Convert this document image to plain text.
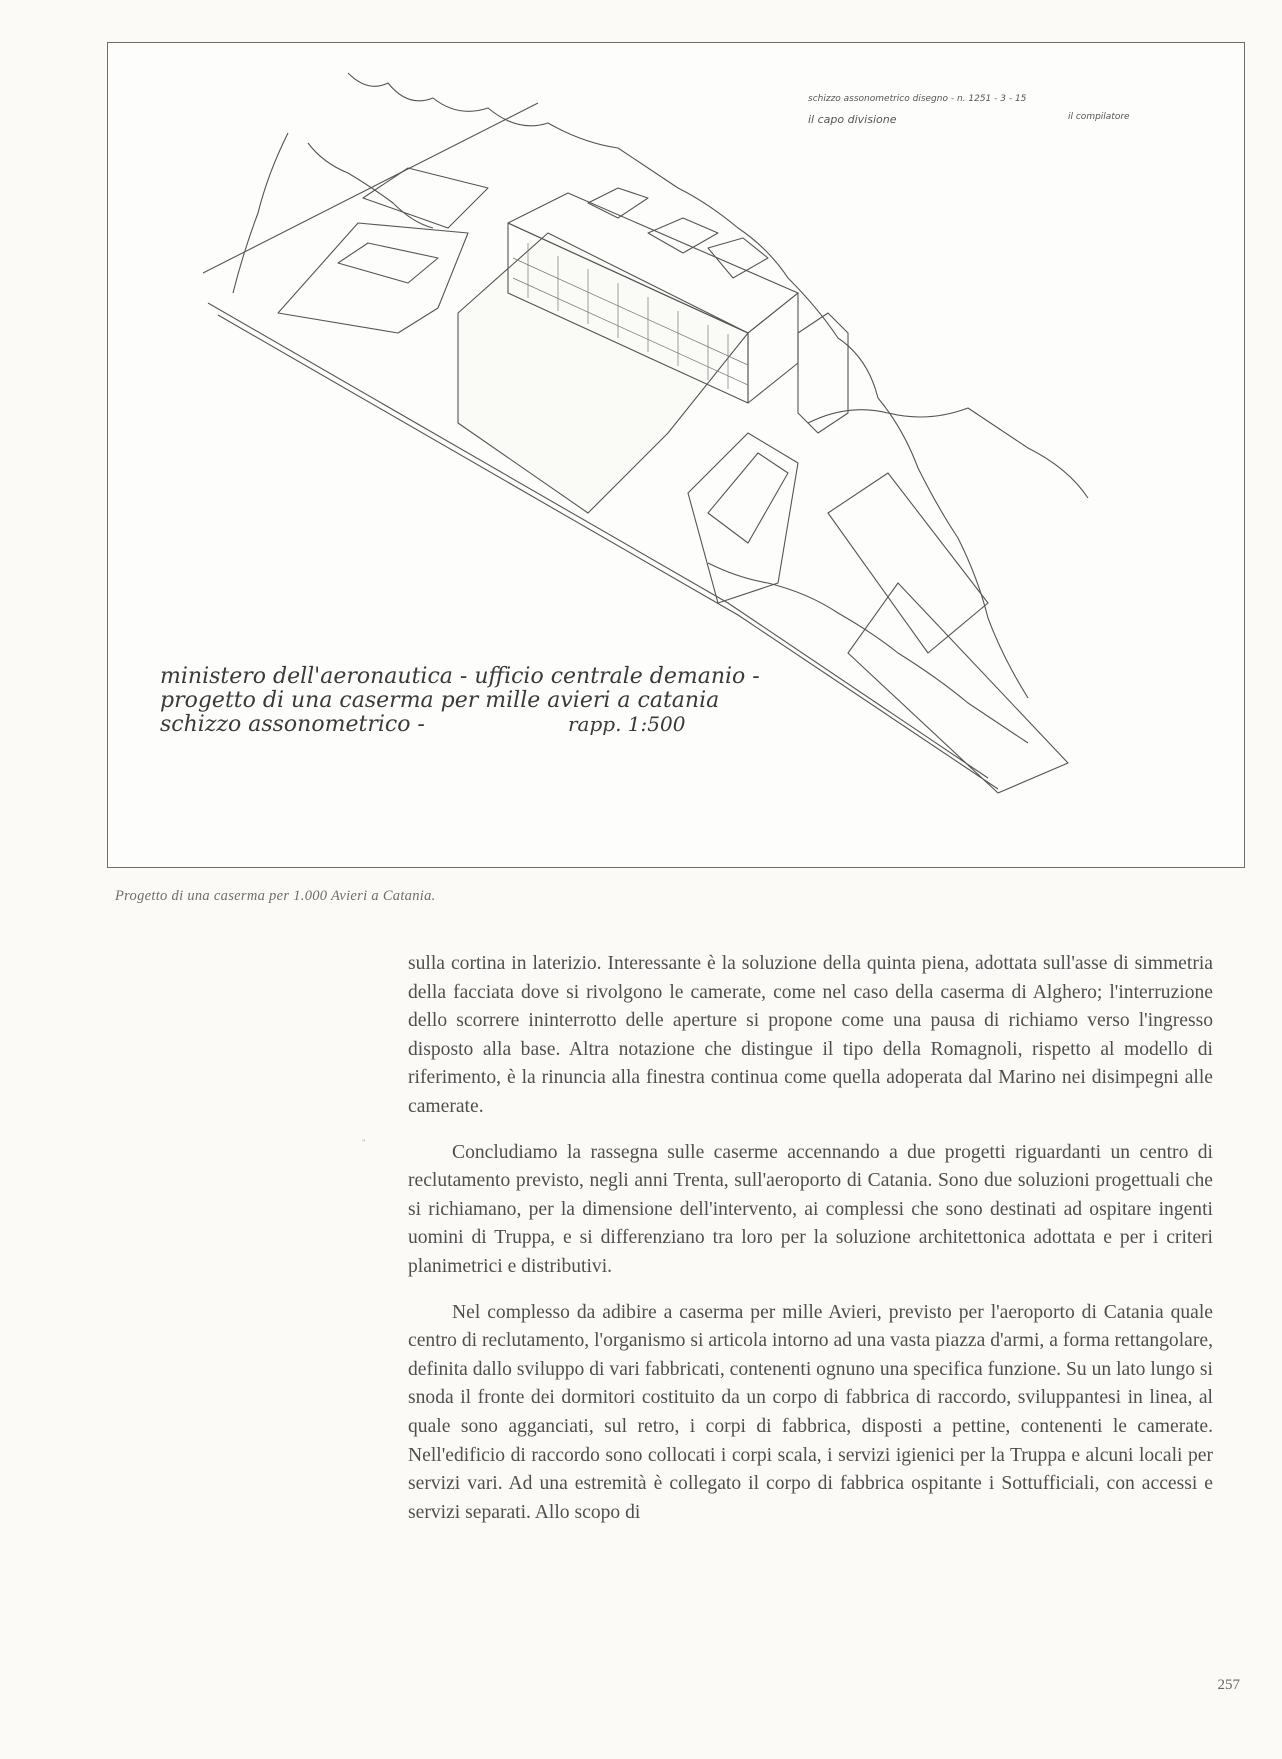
ministero dell'aeronautica - ufficio centrale demanio -
progetto di una caserma per mille avieri a catania
schizzo assonometrico -	rapp. 1:500
schizzo assonometrico disegno - n. 1251 - 3 - 15
il capo divisione	il compilatore
Progetto di una caserma per 1.000 Avieri a Catania.
"

sulla cortina in laterizio. Interessante è la soluzione della quinta piena, adottata sull'asse di simmetria della facciata dove si rivolgono le camerate, come nel caso della caserma di Alghero; l'interruzione dello scorrere ininterrotto delle aperture si propone come una pausa di richiamo verso l'ingresso disposto alla base. Altra notazione che distingue il tipo della Romagnoli, rispetto al modello di riferimento, è la rinuncia alla finestra continua come quella adoperata dal Marino nei disimpegni alle camerate.

Concludiamo la rassegna sulle caserme accennando a due progetti riguardanti un centro di reclutamento previsto, negli anni Trenta, sull'aeroporto di Catania. Sono due soluzioni progettuali che si richiamano, per la dimensione dell'intervento, ai complessi che sono destinati ad ospitare ingenti uomini di Truppa, e si differenziano tra loro per la soluzione architettonica adottata e per i criteri planimetrici e distributivi.

Nel complesso da adibire a caserma per mille Avieri, previsto per l'aeroporto di Catania quale centro di reclutamento, l'organismo si articola intorno ad una vasta piazza d'armi, a forma rettangolare, definita dallo sviluppo di vari fabbricati, contenenti ognuno una specifica funzione. Su un lato lungo si snoda il fronte dei dormitori costituito da un corpo di fabbrica di raccordo, sviluppantesi in linea, al quale sono agganciati, sul retro, i corpi di fabbrica, disposti a pettine, contenenti le camerate. Nell'edificio di raccordo sono collocati i corpi scala, i servizi igienici per la Truppa e alcuni locali per servizi vari. Ad una estremità è collegato il corpo di fabbrica ospitante i Sottufficiali, con accessi e servizi separati. Allo scopo di

257
